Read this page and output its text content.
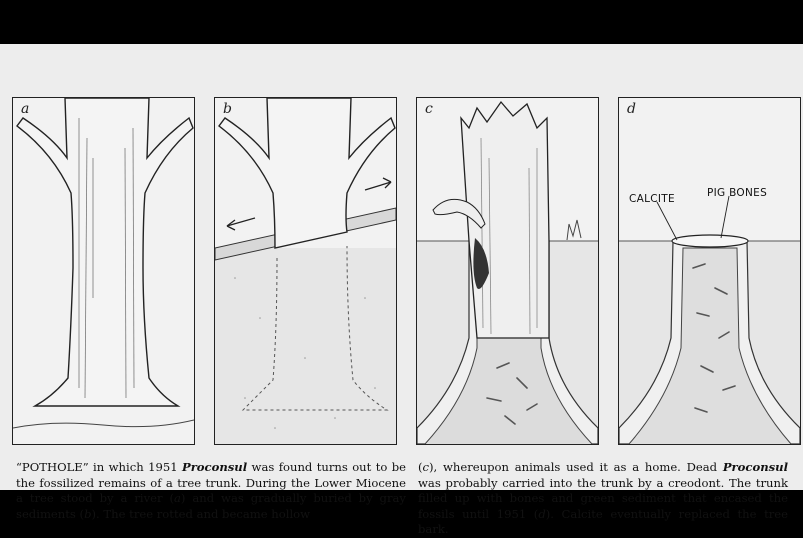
a	b	c	d
CALCITE	PIG BONES

“POTHOLE” in which 1951 Proconsul was found turns out to be the fossilized remains of a tree trunk. During the Lower Miocene a tree stood by a river (a) and was gradually buried by gray sediments (b). The tree rotted and became hollow

(c), whereupon animals used it as a home. Dead Proconsul was probably carried into the trunk by a creodont. The trunk filled up with bones and green sediment that encased the fossils until 1951 (d). Calcite eventually replaced the tree bark.
